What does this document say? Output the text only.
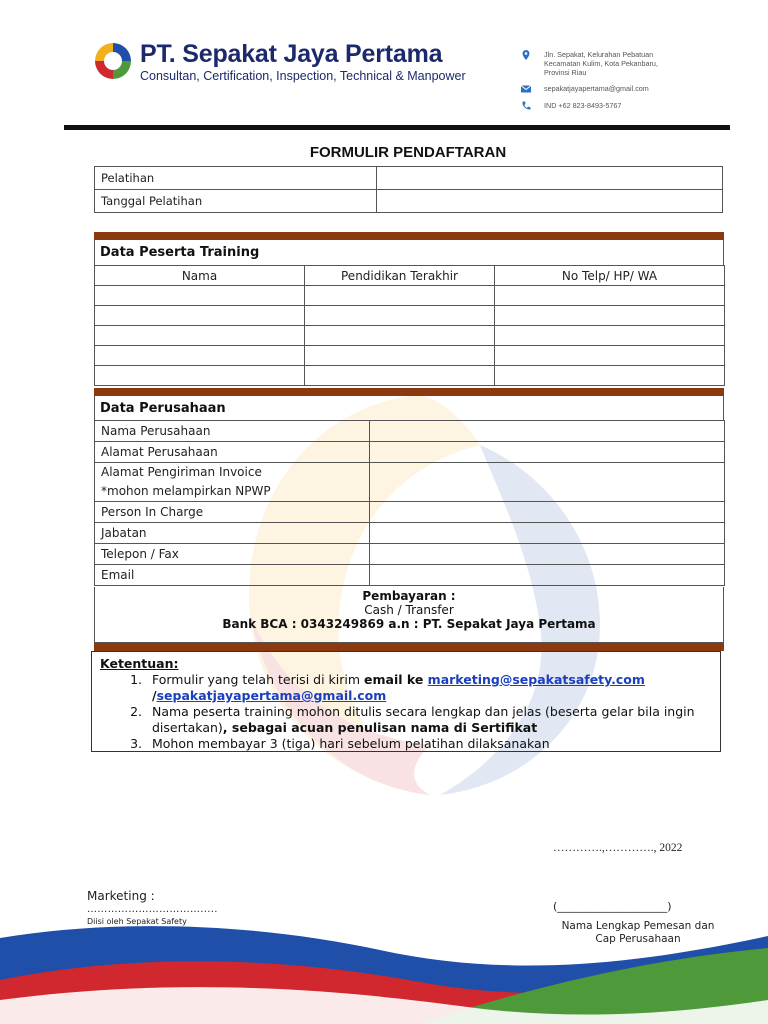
PT. Sepakat Jaya Pertama
Consultan, Certification, Inspection, Technical & Manpower
Jln. Sepakat, Kelurahan Pebatuan
Kecamatan Kulim, Kota Pekanbaru,
Provinsi Riau
sepakatjayapertama@gmail.com
IND +62 823-8493-5767
FORMULIR PENDAFTARAN
Pelatihan	
Tanggal Pelatihan	
Data Peserta Training
Nama	Pendidikan Terakhir	No Telp/ HP/ WA

Data Perusahaan
Nama Perusahaan	
Alamat Perusahaan	

Alamat Pengiriman Invoice
*mohon melampirkan NPWP	

Person In Charge	
Jabatan	
Telepon / Fax	
Email	
Pembayaran :
Cash / Transfer
Bank BCA : 0343249869 a.n : PT. Sepakat Jaya Pertama
Ketentuan:
1. Formulir yang telah terisi di kirim email ke marketing@sepakatsafety.com
/sepakatjayapertama@gmail.com
2. Nama peserta training mohon ditulis secara lengkap dan jelas (beserta gelar bila ingin disertakan), sebagai acuan penulisan nama di Sertifikat
3. Mohon membayar 3 (tiga) hari sebelum pelatihan dilaksanakan
………….,…………., 2022
Marketing :
…………………………….....
Diisi oleh Sepakat Safety
(____________________)
Nama Lengkap Pemesan dan
Cap Perusahaan
